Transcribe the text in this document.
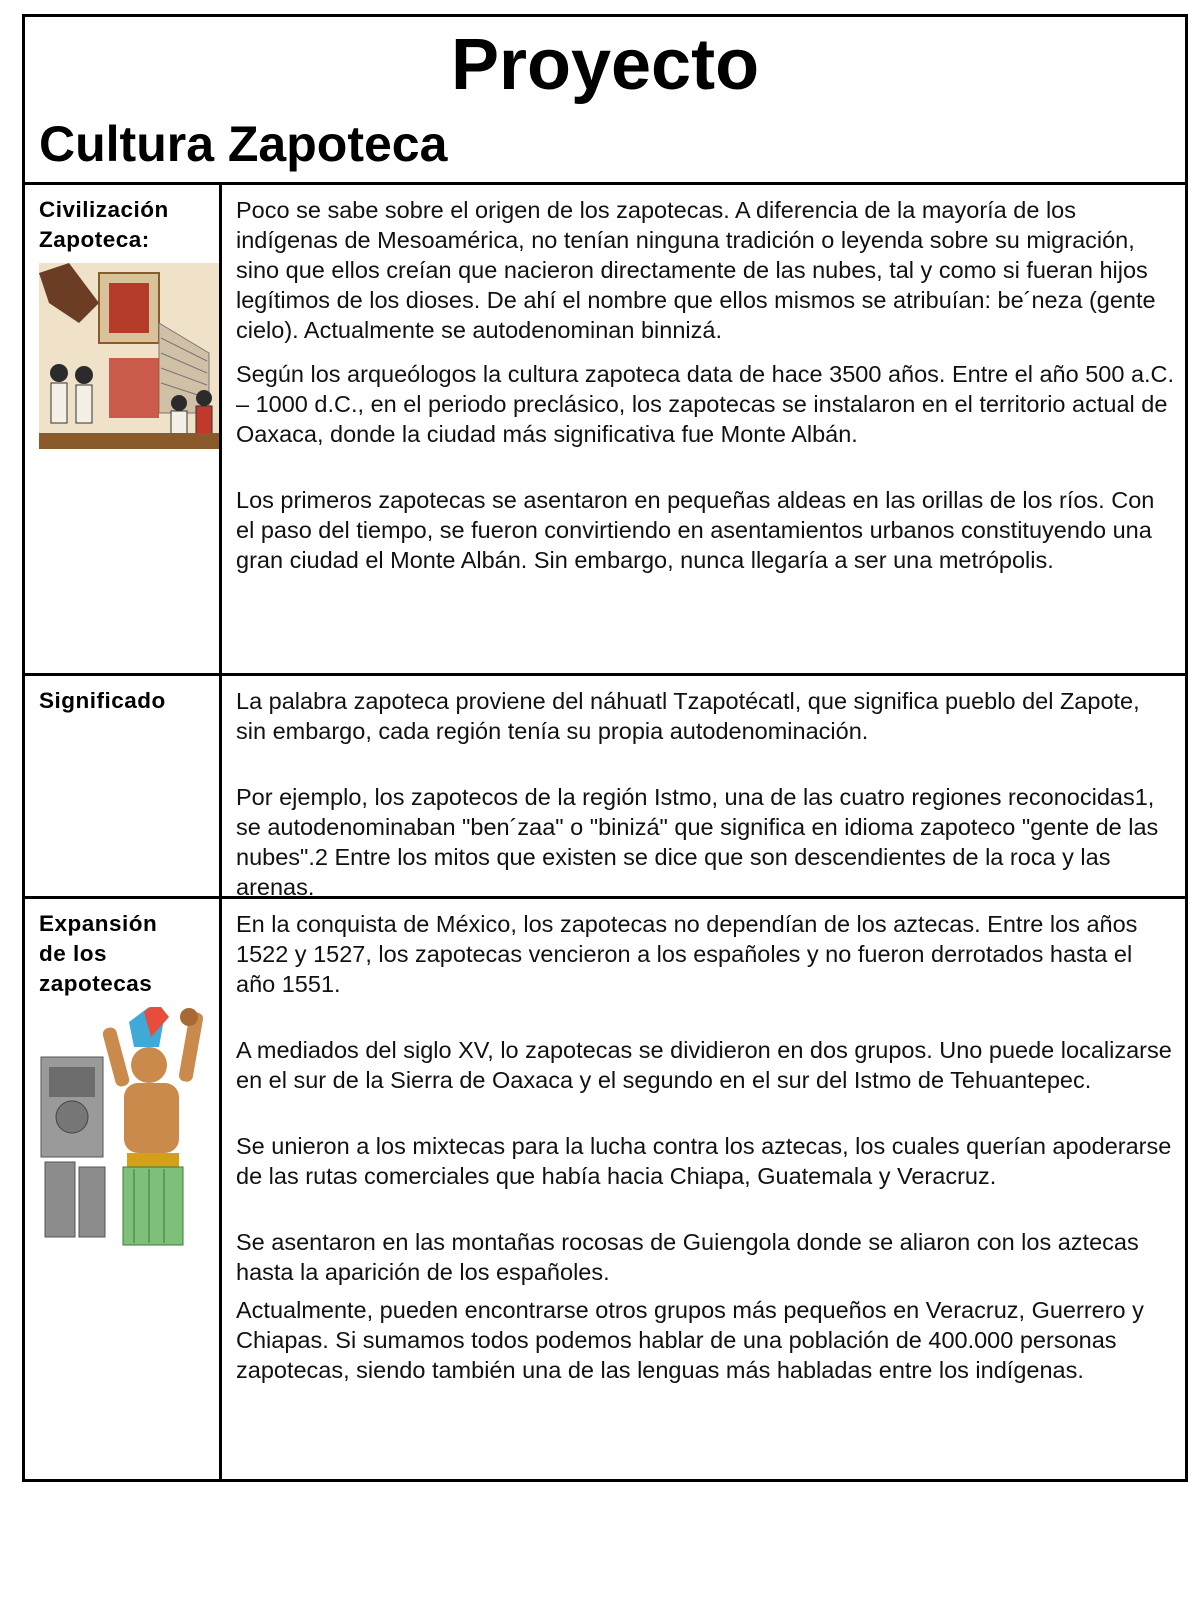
Proyecto
Cultura Zapoteca
Civilización Zapoteca:

Poco se sabe sobre el origen de los zapotecas. A diferencia de la mayoría de los indígenas de Mesoamérica, no tenían ninguna tradición o leyenda sobre su migración, sino que ellos creían que nacieron directamente de las nubes, tal y como si fueran hijos legítimos de los dioses. De ahí el nombre que ellos mismos se atribuían: be´neza (gente cielo). Actualmente se autodenominan binnizá.

Según los arqueólogos la cultura zapoteca data de hace 3500 años. Entre el año 500 a.C. – 1000 d.C., en el periodo preclásico, los zapotecas se instalaron en el territorio actual de Oaxaca, donde la ciudad más significativa fue Monte Albán.

Los primeros zapotecas se asentaron en pequeñas aldeas en las orillas de los ríos. Con el paso del tiempo, se fueron convirtiendo en asentamientos urbanos constituyendo una gran ciudad el Monte Albán. Sin embargo, nunca llegaría a ser una metrópolis.

Significado	La palabra zapoteca proviene del náhuatl Tzapotécatl, que significa pueblo del Zapote, sin embargo, cada región tenía su propia autodenominación.

Por ejemplo, los zapotecos de la región Istmo, una de las cuatro regiones reconocidas1, se autodenominaban "ben´zaa" o "binizá" que significa en idioma zapoteco "gente de las nubes".2 Entre los mitos que existen se dice que son descendientes de la roca y las arenas.

Expansión de los zapotecas

En la conquista de México, los zapotecas no dependían de los aztecas. Entre los años 1522 y 1527, los zapotecas vencieron a los españoles y no fueron derrotados hasta el año 1551.

A mediados del siglo XV, lo zapotecas se dividieron en dos grupos. Uno puede localizarse en el sur de la Sierra de Oaxaca y el segundo en el sur del Istmo de Tehuantepec.

Se unieron a los mixtecas para la lucha contra los aztecas, los cuales querían apoderarse de las rutas comerciales que había hacia Chiapa, Guatemala y Veracruz.

Se asentaron en las montañas rocosas de Guiengola donde se aliaron con los aztecas hasta la aparición de los españoles.

Actualmente, pueden encontrarse otros grupos más pequeños en Veracruz, Guerrero y Chiapas. Si sumamos todos podemos hablar de una población de 400.000 personas zapotecas, siendo también una de las lenguas más habladas entre los indígenas.
